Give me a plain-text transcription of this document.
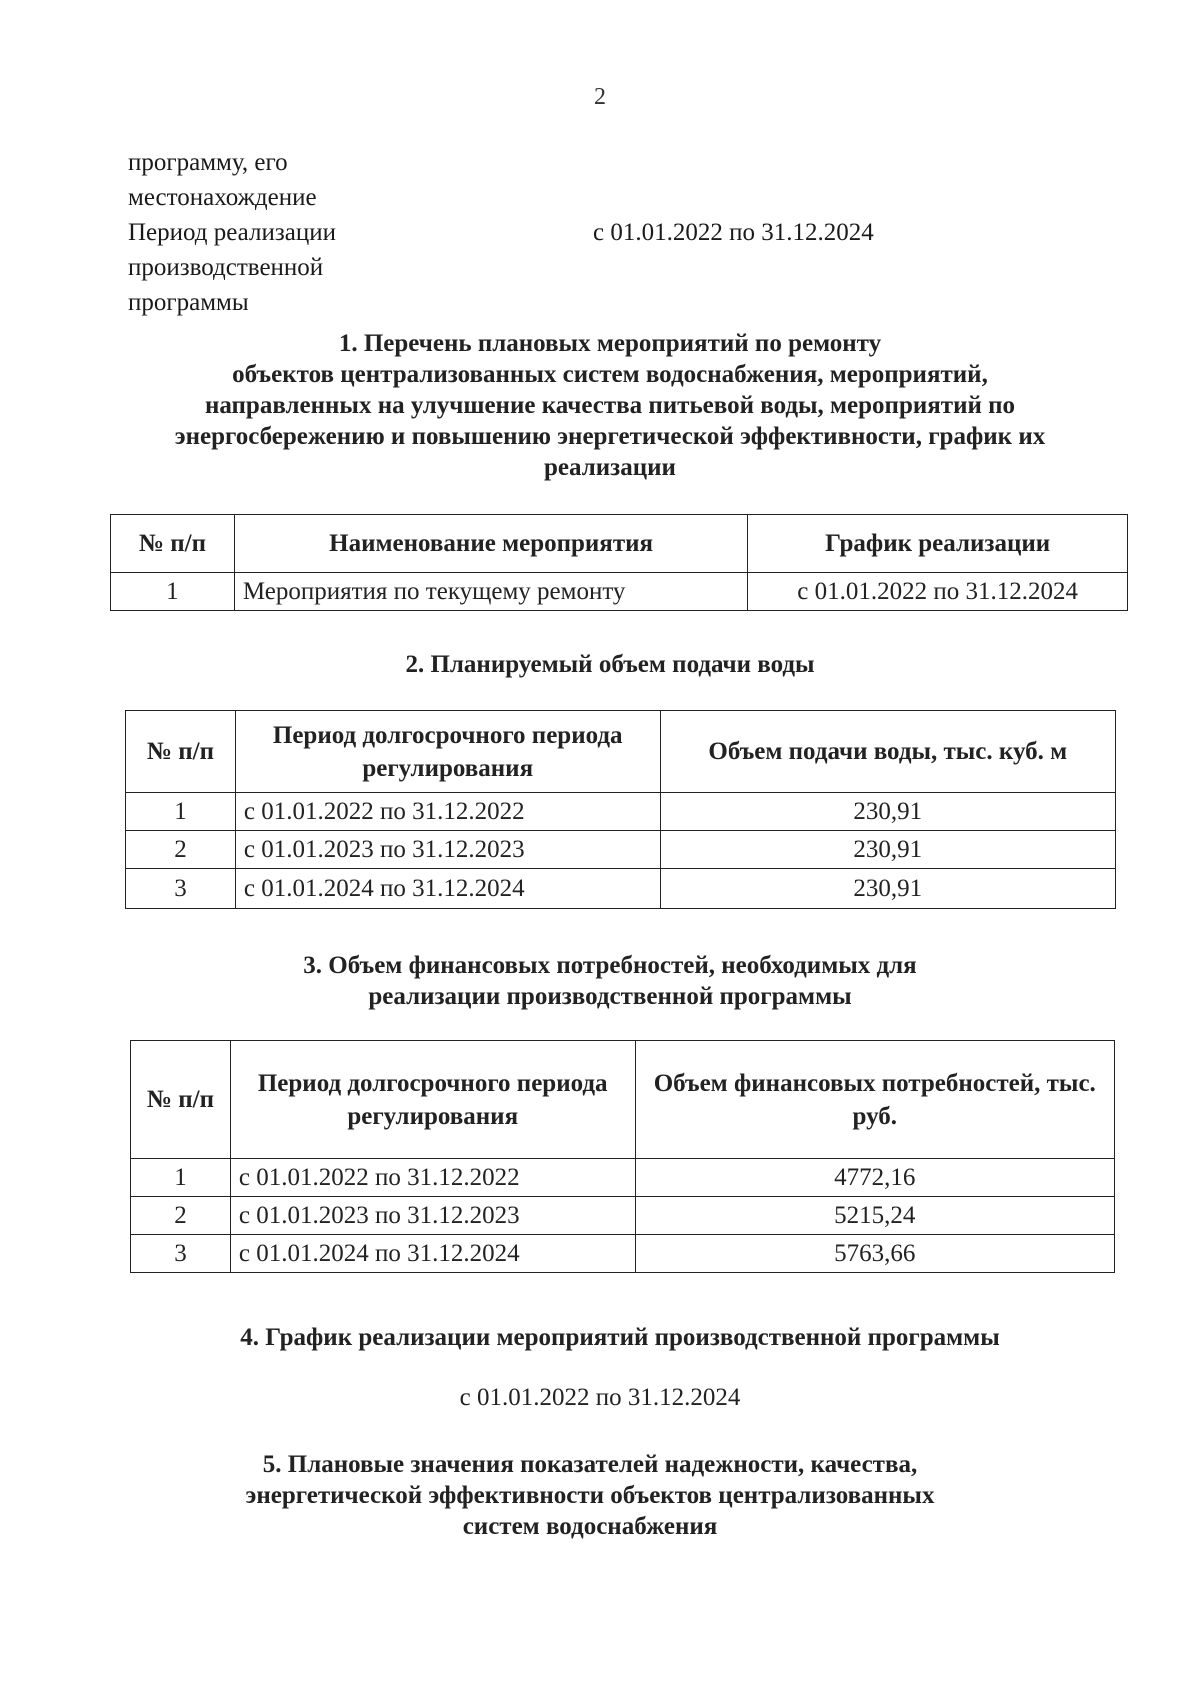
2
программу, его
местонахождение
Период реализации	с 01.01.2022 по 31.12.2024
производственной
программы
1. Перечень плановых мероприятий по ремонту
объектов централизованных систем водоснабжения, мероприятий,
направленных на улучшение качества питьевой воды, мероприятий по
энергосбережению и повышению энергетической эффективности, график их
реализации
№ п/п	Наименование мероприятия	График реализации
1	Мероприятия по текущему ремонту	с 01.01.2022 по 31.12.2024
2. Планируемый объем подачи воды
№ п/п	Период долгосрочного периода регулирования	Объем подачи воды, тыс. куб. м
1	с 01.01.2022 по 31.12.2022	230,91
2	с 01.01.2023 по 31.12.2023	230,91
3	с 01.01.2024 по 31.12.2024	230,91
3. Объем финансовых потребностей, необходимых для
реализации производственной программы
№ п/п	Период долгосрочного периода регулирования	Объем финансовых потребностей, тыс. руб.
1	с 01.01.2022 по 31.12.2022	4772,16
2	с 01.01.2023 по 31.12.2023	5215,24
3	с 01.01.2024 по 31.12.2024	5763,66
4. График реализации мероприятий производственной программы
с 01.01.2022 по 31.12.2024
5. Плановые значения показателей надежности, качества,
энергетической эффективности объектов централизованных
систем водоснабжения
